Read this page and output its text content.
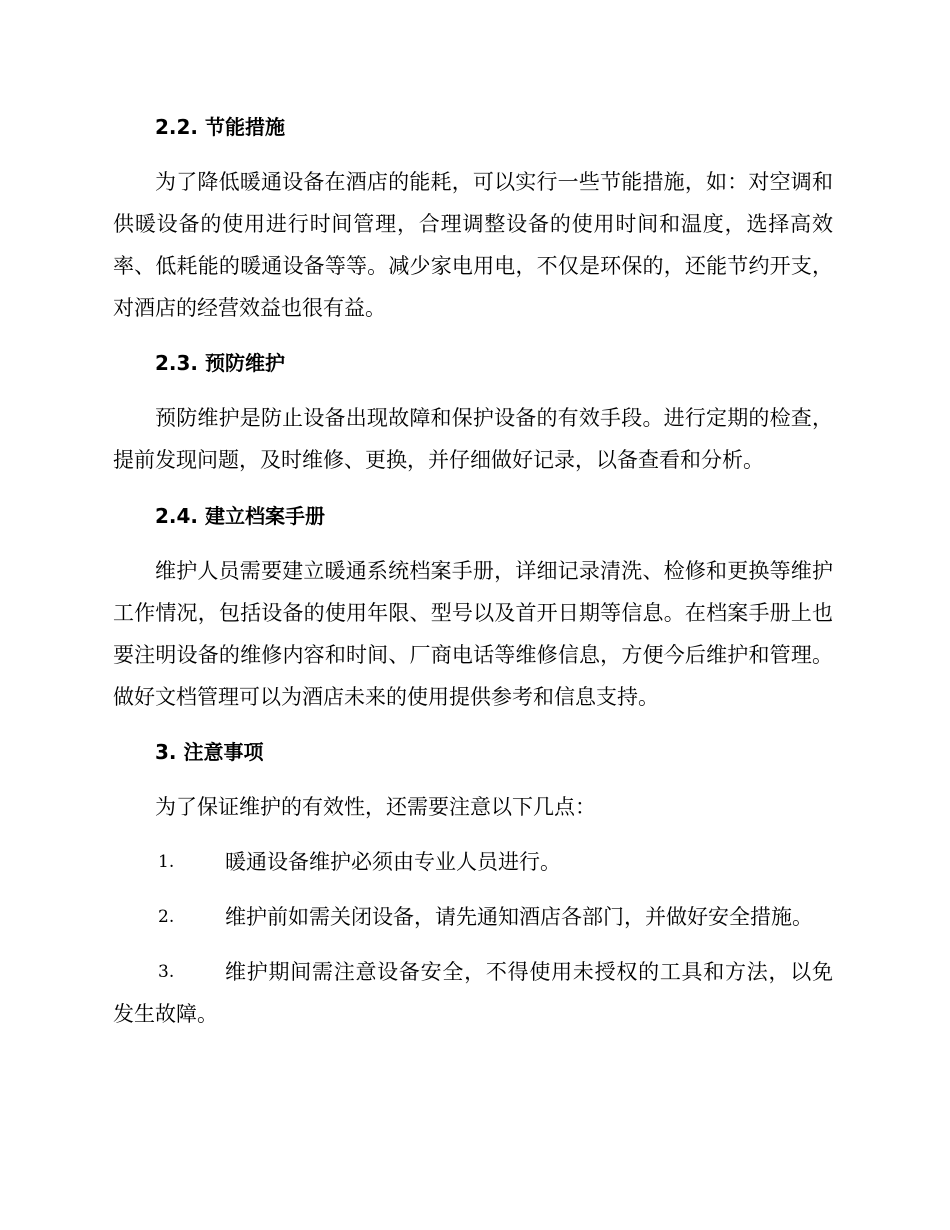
2.2. 节能措施
为了降低暖通设备在酒店的能耗，可以实行一些节能措施，如：对空调和供暖设备的使用进行时间管理，合理调整设备的使用时间和温度，选择高效率、低耗能的暖通设备等等。减少家电用电，不仅是环保的，还能节约开支，对酒店的经营效益也很有益。
2.3. 预防维护
预防维护是防止设备出现故障和保护设备的有效手段。进行定期的检查，提前发现问题，及时维修、更换，并仔细做好记录，以备查看和分析。
2.4. 建立档案手册
维护人员需要建立暖通系统档案手册，详细记录清洗、检修和更换等维护工作情况，包括设备的使用年限、型号以及首开日期等信息。在档案手册上也要注明设备的维修内容和时间、厂商电话等维修信息，方便今后维护和管理。做好文档管理可以为酒店未来的使用提供参考和信息支持。
3. 注意事项
为了保证维护的有效性，还需要注意以下几点：
1.	暖通设备维护必须由专业人员进行。
2.	维护前如需关闭设备，请先通知酒店各部门，并做好安全措施。
3.	维护期间需注意设备安全，不得使用未授权的工具和方法，以免发生故障。
